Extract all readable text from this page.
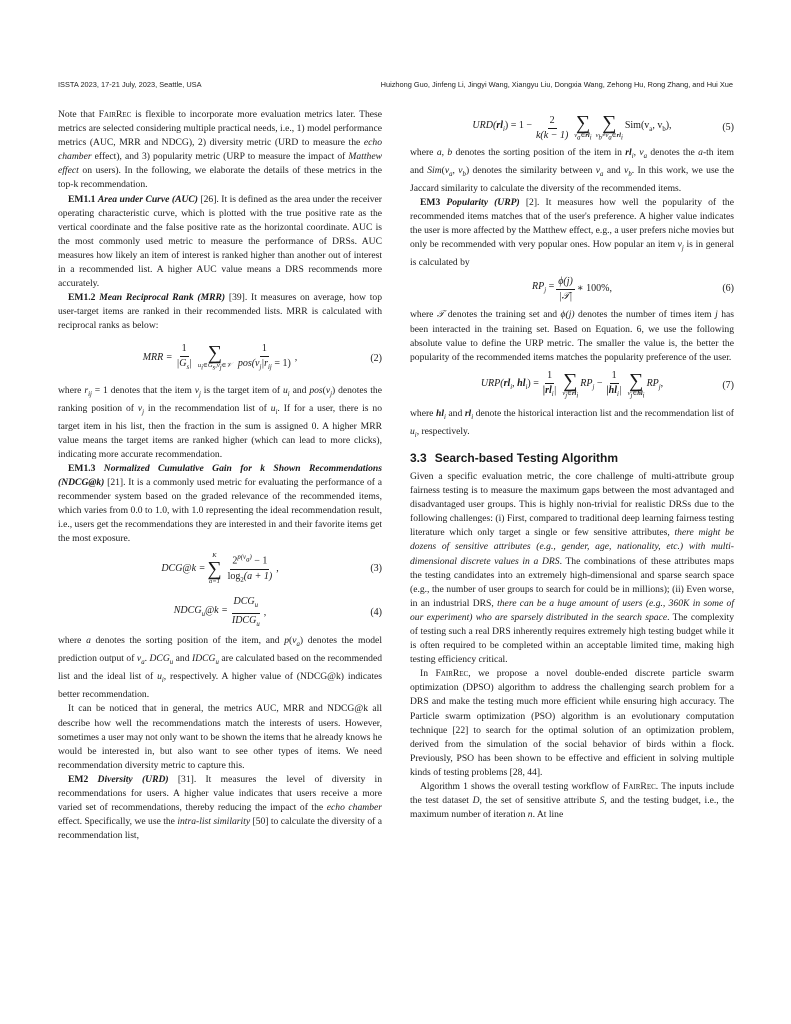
ISSTA 2023, 17-21 July, 2023, Seattle, USA	Huizhong Guo, Jinfeng Li, Jingyi Wang, Xiangyu Liu, Dongxia Wang, Zehong Hu, Rong Zhang, and Hui Xue

Note that FairRec is flexible to incorporate more evaluation metrics later. These metrics are selected considering multiple practical needs, i.e., 1) model performance metrics (AUC, MRR and NDCG), 2) diversity metric (URD to measure the echo chamber effect), and 3) popularity metric (URP to measure the impact of Matthew effect on users). In the following, we elaborate the details of these metrics in the top-k recommendation.

EM1.1 Area under Curve (AUC) [26]. It is defined as the area under the receiver operating characteristic curve, which is plotted with the true positive rate as the vertical coordinate and the false positive rate as the horizontal coordinate. AUC is the most commonly used metric to measure the performance of DRSs. AUC measures how likely an item of interest is ranked higher than another out of interest in a recommended list. A higher AUC value means a DRS recommends more accurately.

EM1.2 Mean Reciprocal Rank (MRR) [39]. It measures on average, how top user-target items are ranked in their recommended lists. MRR is calculated with reciprocal ranks as below:

MRR = $\frac{1}{|G_s|}$ ∑
$u_i\in G_s,v_j\in 𝒱 \frac{1}{pos(v_j|r_{ij} = 1)}$ ,	(2)

where $r_{ij} = 1$ denotes that the item $v_j$ is the target item of $u_i$ and $pos(v_j)$ denotes the ranking position of $v_j$ in the recommendation list of $u_i$. If for a user, there is no target item in his list, then the fraction in the sum is assigned 0. A higher MRR value means the target items are ranked higher (which can lead to more clicks), indicating more accurate recommendation.

EM1.3 Normalized Cumulative Gain for k Shown Recommendations (NDCG@k) [21]. It is a commonly used metric for evaluating the performance of a recommender system based on the graded relevance of the recommended items, which varies from 0.0 to 1.0, with 1.0 representing the ideal recommendation result, i.e., users get the recommendations they are interested in and their favorite items get the most exposure.

DCG@k =
K
∑
$a=1 \frac{2^{p(v_a)} - 1}{\log_2(a + 1)}$ ,	(3)
$NDCG_u@k = \frac{DCG_u}{IDCG_u}$ ,	(4)

where a denotes the sorting position of the item, and $p(v_a)$ denotes the model prediction output of $v_a$. $DCG_u$ and $IDCG_u$ are calculated based on the recommended list and the ideal list of $u_i$, respectively. A higher value of (NDCG@k) indicates better recommendation.

It can be noticed that in general, the metrics AUC, MRR and NDCG@k all describe how well the recommendations match the interests of users. However, sometimes a user may not only want to be shown the items that he already knows he would be interested in, but also want to see other types of items. We need recommendation diversity metric to capture this.

EM2 Diversity (URD) [31]. It measures the level of diversity in recommendations for users. A higher value indicates that users receive a more varied set of recommendations, thereby reducing the impact of the echo chamber effect. Specifically, we use the intra-list similarity [50] to calculate the diversity of a recommendation list,

$URD(rl_i) = 1 - \frac{2}{k(k - 1)}$ ∑
$v_a\in rl_i$
∑
$v_b\ne v_a\in rl_i$
$Sim(v_a$, $v_b$),	(5)

where a, b denotes the sorting position of the item in $rl_i$, $v_a$ denotes the a-th item and $Sim(v_a$, $v_b$) denotes the similarity between $v_a$ and $v_b$. In this work, we use the Jaccard similarity to calculate the diversity of the recommended items.

EM3 Popularity (URP) [2]. It measures how well the popularity of the recommended items matches that of the user's preference. A higher value indicates the user is more affected by the Matthew effect, e.g., a user prefers niche movies but only be recommended with very popular ones. How popular an item $v_j$ is in general is calculated by

$RP_j = \frac{\phi(j)}{\text{|𝒯|}}$ ∗ 100%,	(6)

where 𝒯 denotes the training set and ϕ(j) denotes the number of times item j has been interacted in the training set. Based on Equation. 6, we use the following absolute value to define the URP metric. The smaller the value is, the better the popularity of the recommended items matches the popularity preference of the user.

$URP(rl_i$, $hl_i) = \frac{1}{|rl_i|}$ ∑
$v_j\in rl_i$
$RP_j - \frac{1}{|hl_i|}$ ∑
$v_j\in hl_i$
$RP_j$,	(7)

where $hl_i$ and $rl_i$ denote the historical interaction list and the recommendation list of $u_i$, respectively.

3.3 Search-based Testing Algorithm

Given a specific evaluation metric, the core challenge of multi-attribute group fairness testing is to measure the maximum gaps between the most advantaged and disadvantaged user groups. This is highly non-trivial for realistic DRSs due to the following challenges: (i) First, compared to traditional deep learning fairness testing literature which only target a single or few sensitive attributes, there might be dozens of sensitive attributes (e.g., gender, age, nationality, etc.) with multi-dimensional discrete values in a DRS. The combinations of these attributes maps the testing candidates into an extremely high-dimensional and sparse search space (e.g., the number of user groups to search for could be in millions); (ii) Even worse, in an industrial DRS, there can be a huge amount of users (e.g., 360K in some of our experiment) who are sparsely distributed in the search space. The complexity of testing such a real DRS inherently requires extremely high testing budget while it is often required to be completed within an acceptable limited time, making high testing efficiency critical.

In FairRec, we propose a novel double-ended discrete particle swarm optimization (DPSO) algorithm to address the challenging search problem for a DRS and make the testing much more efficient while ensuring high accuracy. The Particle swarm optimization (PSO) algorithm is an evolutionary computation technique [22] to search for the optimal solution of an optimization problem, derived from the simulation of the social behavior of birds within a flock. Previously, PSO has been shown to be effective and efficient in solving multiple kinds of testing problems [28, 44].

Algorithm 1 shows the overall testing workflow of FairRec. The inputs include the test dataset D, the set of sensitive attribute S, and the testing budget, i.e., the maximum number of iteration n. At line
